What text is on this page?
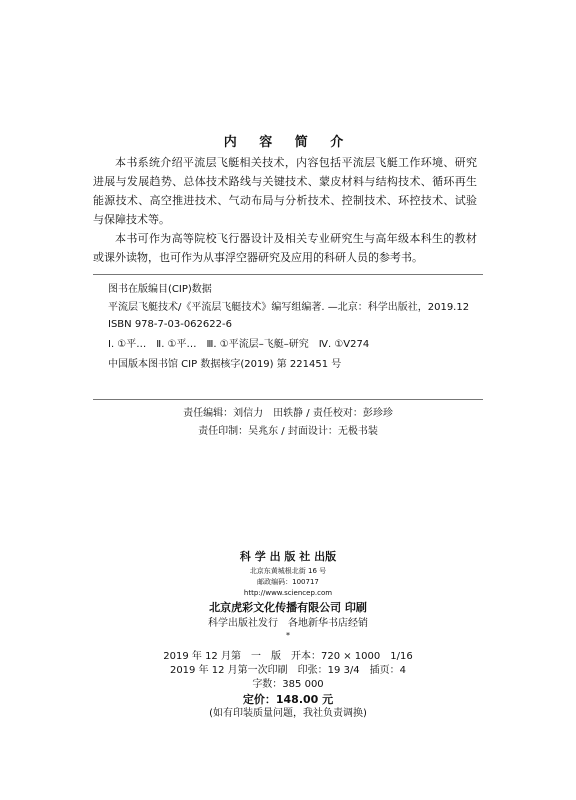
内 容 简 介

本书系统介绍平流层飞艇相关技术，内容包括平流层飞艇工作环境、研究进展与发展趋势、总体技术路线与关键技术、蒙皮材料与结构技术、循环再生能源技术、高空推进技术、气动布局与分析技术、控制技术、环控技术、试验与保障技术等。

本书可作为高等院校飞行器设计及相关专业研究生与高年级本科生的教材或课外读物，也可作为从事浮空器研究及应用的科研人员的参考书。

图书在版编目(CIP)数据
平流层飞艇技术/《平流层飞艇技术》编写组编著. —北京：科学出版社，2019.12
ISBN 978-7-03-062622-6
Ⅰ. ①平…　Ⅱ. ①平…　Ⅲ. ①平流层–飞艇–研究　Ⅳ. ①V274
中国版本图书馆 CIP 数据核字(2019) 第 221451 号
责任编辑：刘信力　田轶静 / 责任校对：彭珍珍
责任印制：吴兆东 / 封面设计：无极书装
科 学 出 版 社 出版
北京东黄城根北街 16 号
邮政编码：100717
http://www.sciencep.com
北京虎彩文化传播有限公司 印刷
科学出版社发行　各地新华书店经销
*
2019 年 12 月第　一　版　开本：720 × 1000　1/16
2019 年 12 月第一次印刷　印张：19 3/4　插页：4
字数：385 000
定价：148.00 元
(如有印装质量问题，我社负责调换)
